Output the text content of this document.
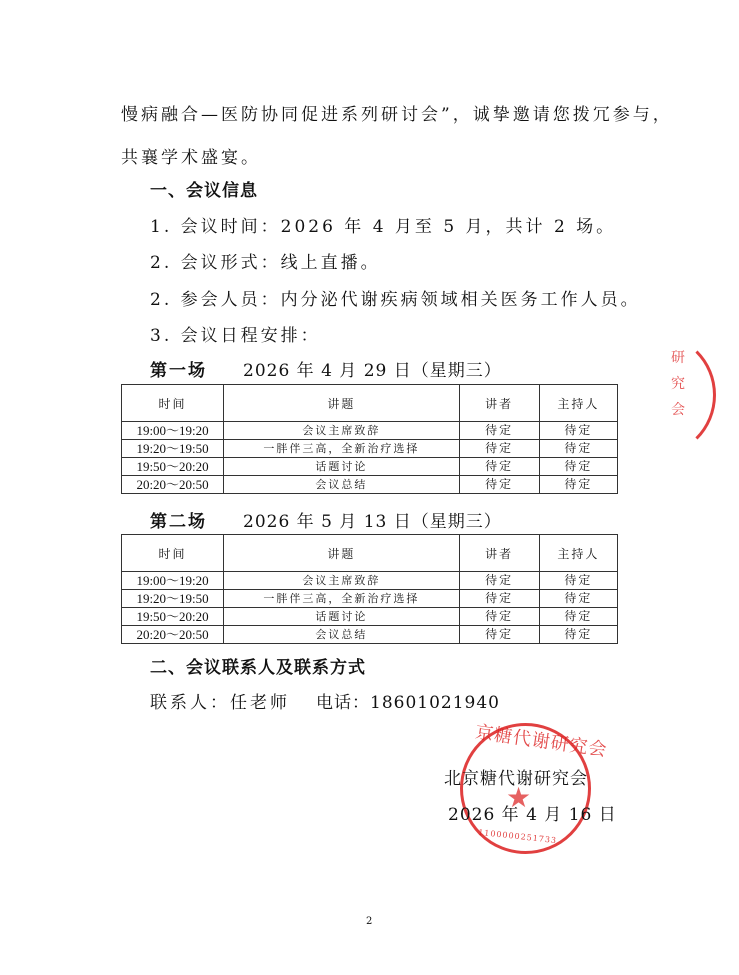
慢病融合—医防协同促进系列研讨会”，诚挚邀请您拨冗参与，
共襄学术盛宴。
一、会议信息
1. 会议时间：2026 年 4 月至 5 月，共计 2 场。
2. 会议形式：线上直播。
2. 参会人员：内分泌代谢疾病领域相关医务工作人员。
3. 会议日程安排：
第一场 2026 年 4 月 29 日（星期三）
时间	讲题	讲者	主持人
19:00～19:20	会议主席致辞	待定	待定
19:20～19:50	一胖伴三高，全新治疗选择	待定	待定
19:50～20:20	话题讨论	待定	待定
20:20～20:50	会议总结	待定	待定
第二场 2026 年 5 月 13 日（星期三）
时间	讲题	讲者	主持人
19:00～19:20	会议主席致辞	待定	待定
19:20～19:50	一胖伴三高，全新治疗选择	待定	待定
19:50～20:20	话题讨论	待定	待定
20:20～20:50	会议总结	待定	待定
二、会议联系人及联系方式
联系人：任老师 电话：18601021940
研究会
京糖代谢研究会
★
1100000251733
北京糖代谢研究会
2026 年 4 月 16 日
2
